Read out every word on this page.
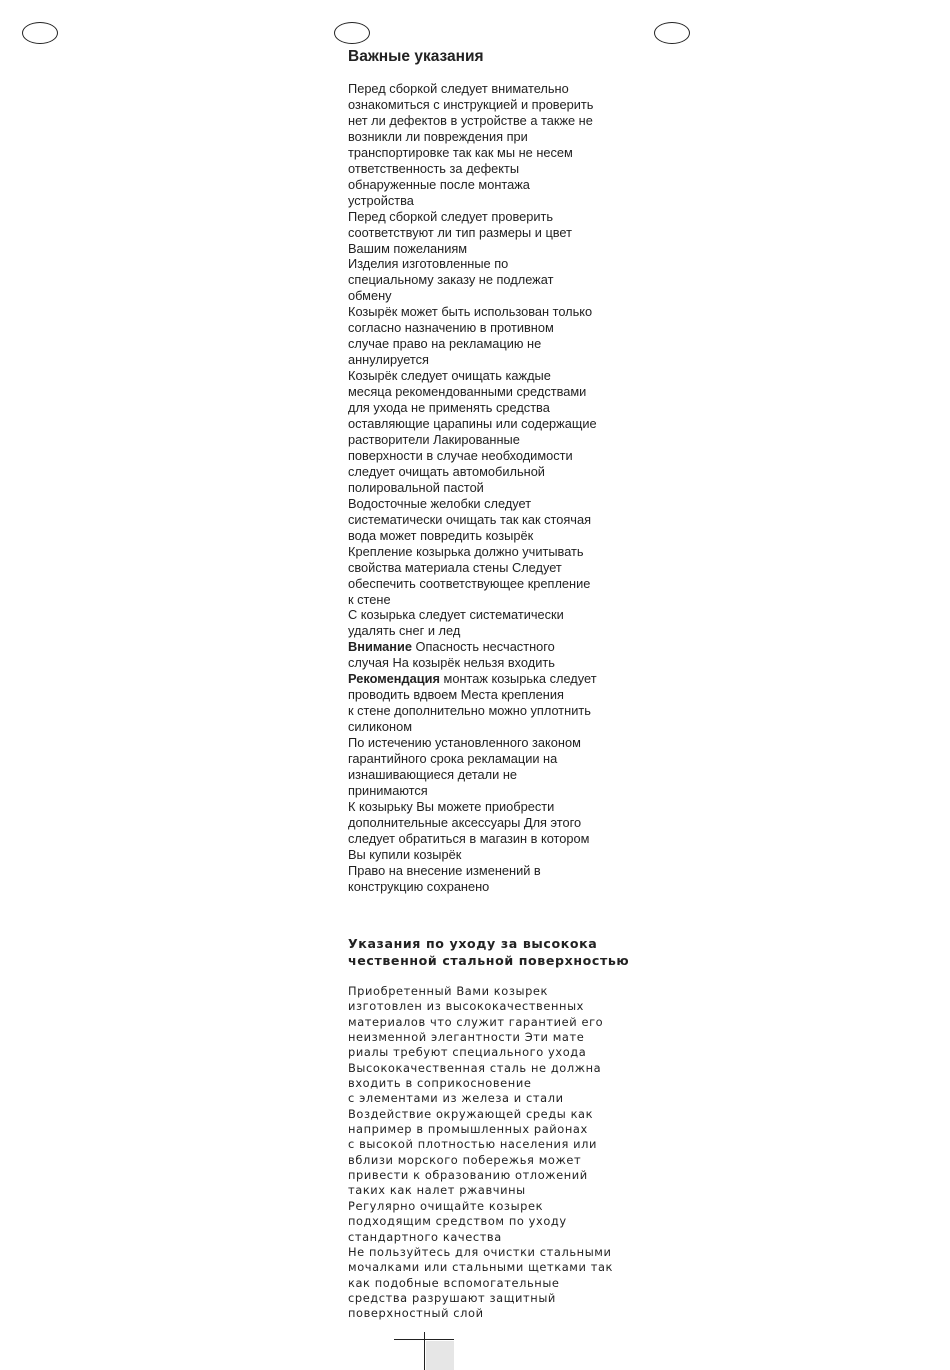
Важные указания
Перед сборкой следует внимательно
ознакомиться с инструкцией и проверить
нет ли дефектов в устройстве а также не
возникли ли повреждения при
транспортировке так как мы не несем
ответственность за дефекты
обнаруженные после монтажа
устройства
Перед сборкой следует проверить
соответствуют ли тип размеры и цвет
Вашим пожеланиям
Изделия изготовленные по
специальному заказу не подлежат
обмену
Козырёк может быть использован только
согласно назначению в противном
случае право на рекламацию не
аннулируется
Козырёк следует очищать каждые
месяца рекомендованными средствами
для ухода не применять средства
оставляющие царапины или содержащие
растворители Лакированные
поверхности в случае необходимости
следует очищать автомобильной
полировальной пастой
Водосточные желобки следует
систематически очищать так как стоячая
вода может повредить козырёк
Крепление козырька должно учитывать
свойства материала стены Следует
обеспечить соответствующее крепление
к стене
С козырька следует систематически
удалять снег и лед
Внимание Опасность несчастного
случая На козырёк нельзя входить
Рекомендация монтаж козырька следует
проводить вдвоем Места крепления
к стене дополнительно можно уплотнить
силиконом
По истечению установленного законом
гарантийного срока рекламации на
изнашивающиеся детали не
принимаются
К козырьку Вы можете приобрести
дополнительные аксессуары Для этого
следует обратиться в магазин в котором
Вы купили козырёк
Право на внесение изменений в
конструкцию сохранено
Указания по уходу за высокока
чественной стальной поверхностью
Приобретенный Вами козырек
изготовлен из высококачественных
материалов что служит гарантией его
неизменной элегантности Эти мате
риалы требуют специального ухода
Высококачественная сталь не должна
входить в соприкосновение
с элементами из железа и стали
Воздействие окружающей среды как
например в промышленных районах
с высокой плотностью населения или
вблизи морского побережья может
привести к образованию отложений
таких как налет ржавчины
Регулярно очищайте козырек
подходящим средством по уходу
стандартного качества
Не пользуйтесь для очистки стальными
мочалками или стальными щетками так
как подобные вспомогательные
средства разрушают защитный
поверхностный слой
